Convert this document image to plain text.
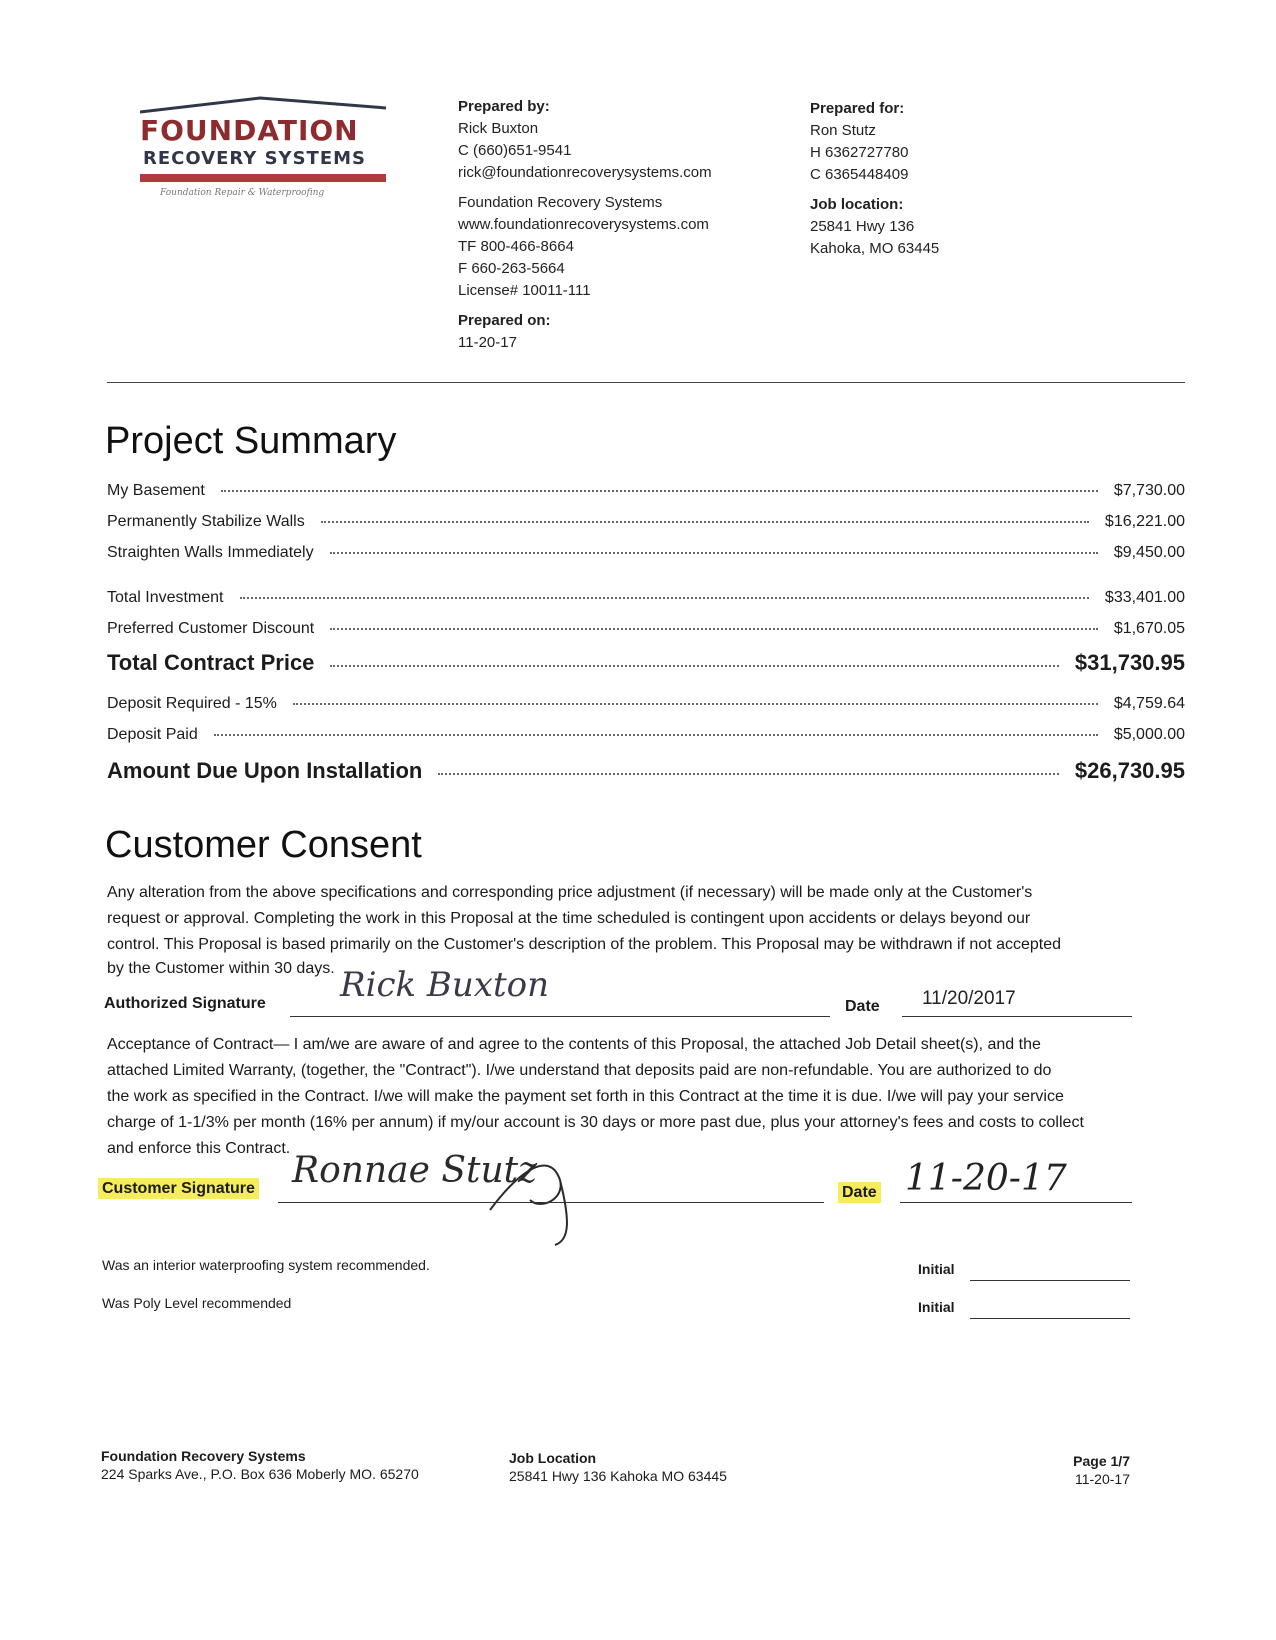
FOUNDATION
RECOVERY SYSTEMS
Foundation Repair & Waterproofing
Prepared by:
Rick Buxton
C (660)651-9541
rick@foundationrecoverysystems.com
Foundation Recovery Systems
www.foundationrecoverysystems.com
TF 800-466-8664
F 660-263-5664
License# 10011-111
Prepared on:
11-20-17
Prepared for:
Ron Stutz
H 6362727780
C 6365448409
Job location:
25841 Hwy 136
Kahoka, MO 63445
Project Summary
My Basement	$7,730.00
Permanently Stabilize Walls	$16,221.00
Straighten Walls Immediately	$9,450.00
Total Investment	$33,401.00
Preferred Customer Discount	$1,670.05
Total Contract Price	$31,730.95
Deposit Required - 15%	$4,759.64
Deposit Paid	$5,000.00
Amount Due Upon Installation	$26,730.95
Customer Consent
Any alteration from the above specifications and corresponding price adjustment (if necessary) will be made only at the Customer's
request or approval. Completing the work in this Proposal at the time scheduled is contingent upon accidents or delays beyond our
control. This Proposal is based primarily on the Customer's description of the problem. This Proposal may be withdrawn if not accepted
by the Customer within 30 days.
Authorized Signature Rick Buxton
Date 11/20/2017
Acceptance of Contract— I am/we are aware of and agree to the contents of this Proposal, the attached Job Detail sheet(s), and the
attached Limited Warranty, (together, the "Contract"). I/we understand that deposits paid are non-refundable. You are authorized to do
the work as specified in the Contract. I/we will make the payment set forth in this Contract at the time it is due. I/we will pay your service
charge of 1-1/3% per month (16% per annum) if my/our account is 30 days or more past due, plus your attorney's fees and costs to collect
and enforce this Contract.
Customer Signature Ronnae Stutz
Date 11-20-17
Was an interior waterproofing system recommended.	Initial
Was Poly Level recommended	Initial
Foundation Recovery Systems
224 Sparks Ave., P.O. Box 636 Moberly MO. 65270
Job Location
25841 Hwy 136 Kahoka MO 63445
Page 1/7
11-20-17
